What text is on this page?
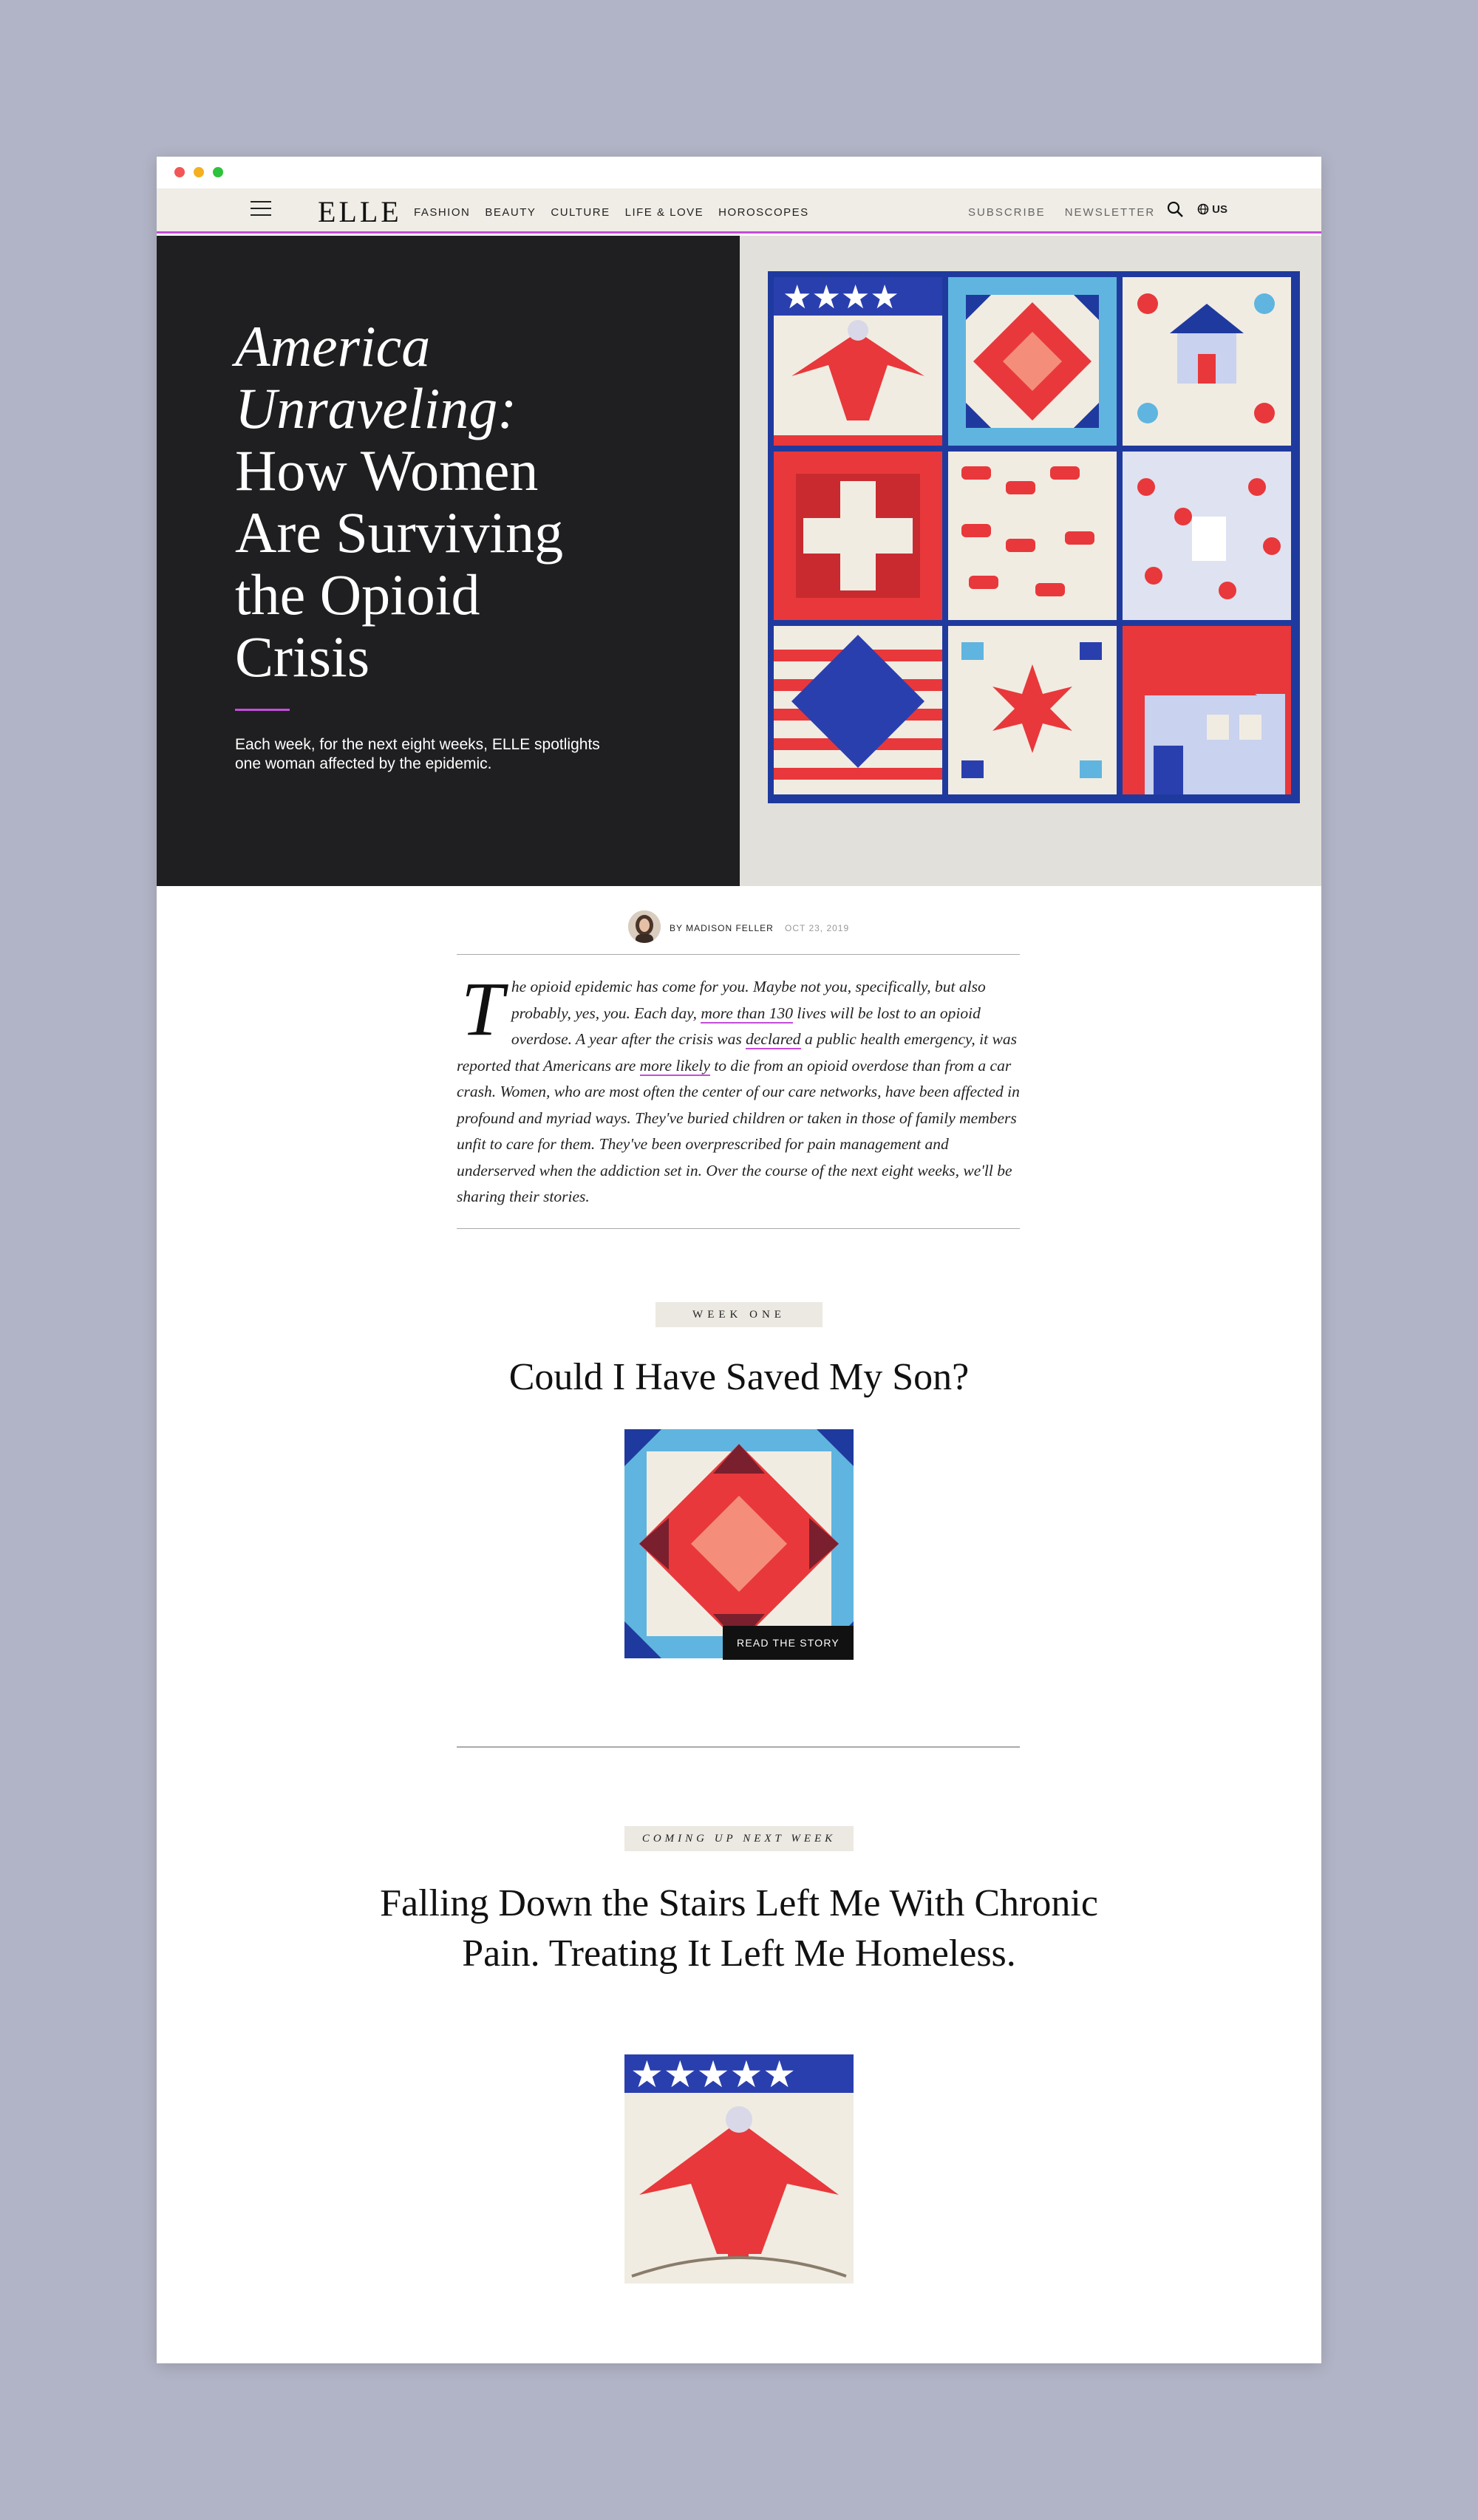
ELLE FASHION BEAUTY CULTURE LIFE & LOVE HOROSCOPES	SUBSCRIBE NEWSLETTER	US
America
Unraveling:
How Women
Are Surviving
the Opioid
Crisis
Each week, for the next eight weeks, ELLE spotlights one woman affected by the epidemic.
★★★★
BY MADISON FELLER OCT 23, 2019

The opioid epidemic has come for you. Maybe not you, specifically, but also probably, yes, you. Each day, more than 130 lives will be lost to an opioid overdose. A year after the crisis was declared a public health emergency, it was reported that Americans are more likely to die from an opioid overdose than from a car crash. Women, who are most often the center of our care networks, have been affected in profound and myriad ways. They've buried children or taken in those of family members unfit to care for them. They've been overprescribed for pain management and underserved when the addiction set in. Over the course of the next eight weeks, we'll be sharing their stories.

WEEK ONE
Could I Have Saved My Son?
READ THE STORY
COMING UP NEXT WEEK
Falling Down the Stairs Left Me With Chronic Pain. Treating It Left Me Homeless.
★★★★★
